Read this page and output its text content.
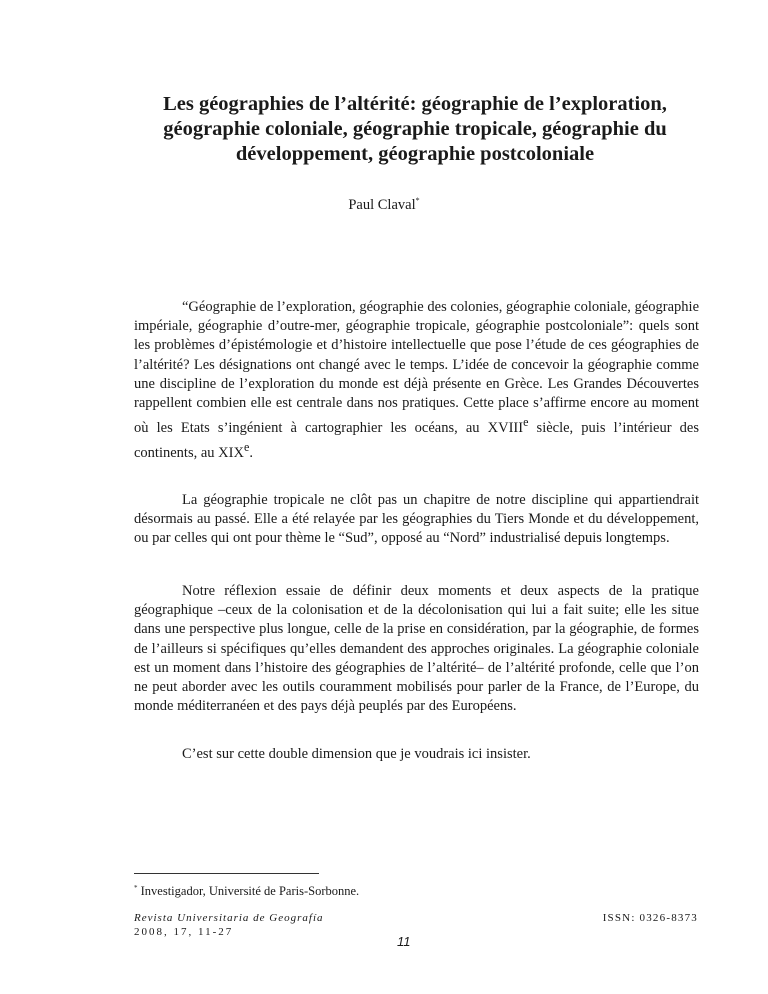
Les géographies de l’altérité: géographie de l’exploration,
géographie coloniale, géographie tropicale, géographie du
développement, géographie postcoloniale
Paul Claval*

“Géographie de l’exploration, géographie des colonies, géographie coloniale, géographie impériale, géographie d’outre-mer, géographie tropicale, géographie postcoloniale”: quels sont les problèmes d’épistémologie et d’histoire intellectuelle que pose l’étude de ces géographies de l’altérité? Les désignations ont changé avec le temps. L’idée de concevoir la géographie comme une discipline de l’exploration du monde est déjà présente en Grèce. Les Grandes Découvertes rappellent combien elle est centrale dans nos pratiques. Cette place s’affirme encore au moment où les Etats s’ingénient à cartographier les océans, au XVIIIe siècle, puis l’intérieur des continents, au XIXe.

La géographie tropicale ne clôt pas un chapitre de notre discipline qui appartiendrait désormais au passé. Elle a été relayée par les géographies du Tiers Monde et du développement, ou par celles qui ont pour thème le “Sud”, opposé au “Nord” industrialisé depuis longtemps.

Notre réflexion essaie de définir deux moments et deux aspects de la pratique géographique –ceux de la colonisation et de la décolonisation qui lui a fait suite; elle les situe dans une perspective plus longue, celle de la prise en considération, par la géographie, de formes de l’ailleurs si spécifiques qu’elles demandent des approches originales. La géographie coloniale est un moment dans l’histoire des géographies de l’altérité– de l’altérité profonde, celle que l’on ne peut aborder avec les outils couramment mobilisés pour parler de la France, de l’Europe, du monde méditerranéen et des pays déjà peuplés par des Européens.

C’est sur cette double dimension que je voudrais ici insister.

* Investigador, Université de Paris-Sorbonne.
Revista Universitaria de Geografía
2008, 17, 11-27
ISSN: 0326-8373
11
